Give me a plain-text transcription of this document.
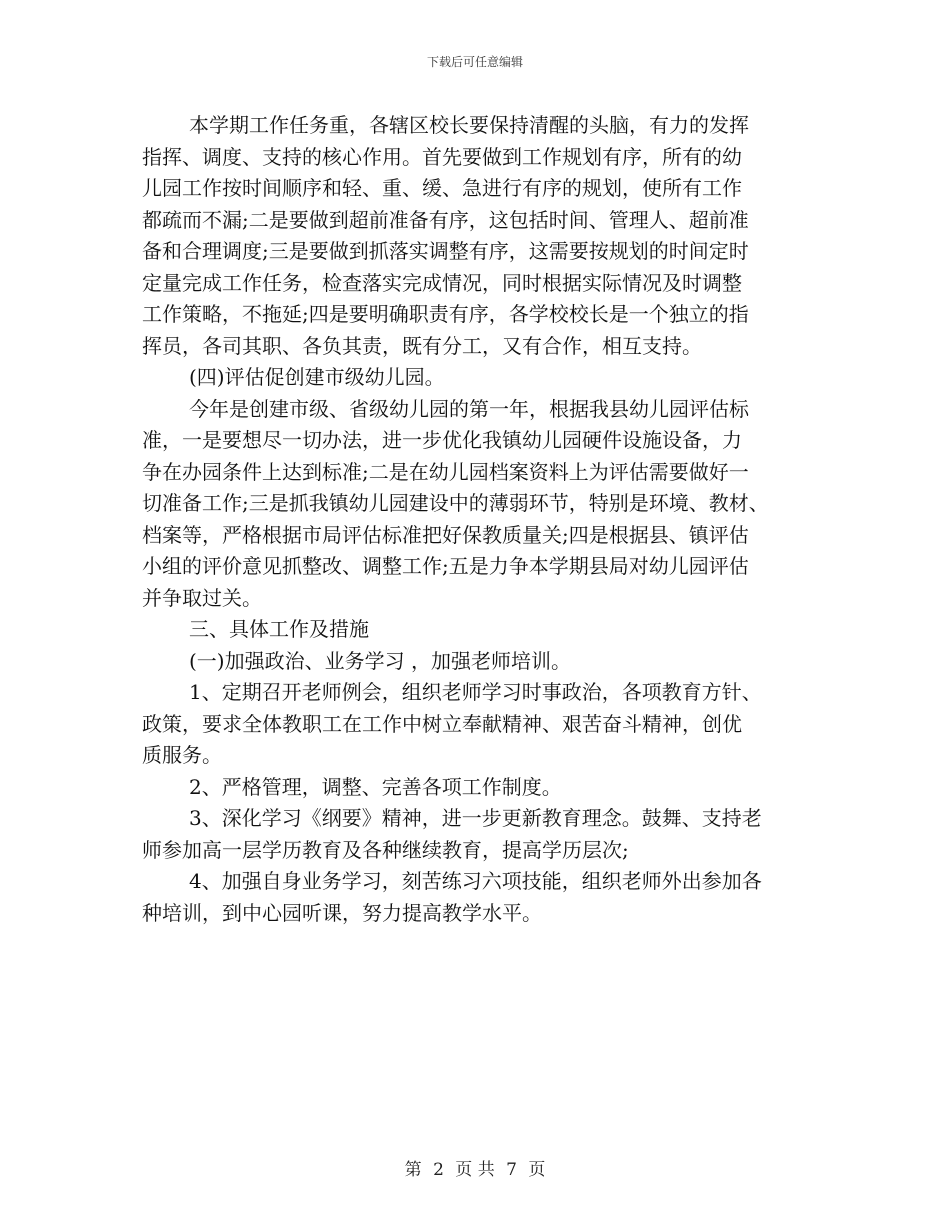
下载后可任意编辑
本学期工作任务重，各辖区校长要保持清醒的头脑，有力的发挥
指挥、调度、支持的核心作用。首先要做到工作规划有序，所有的幼
儿园工作按时间顺序和轻、重、缓、急进行有序的规划，使所有工作
都疏而不漏;二是要做到超前准备有序，这包括时间、管理人、超前准
备和合理调度;三是要做到抓落实调整有序，这需要按规划的时间定时
定量完成工作任务，检查落实完成情况，同时根据实际情况及时调整
工作策略，不拖延;四是要明确职责有序，各学校校长是一个独立的指
挥员，各司其职、各负其责，既有分工，又有合作，相互支持。
(四)评估促创建市级幼儿园。
今年是创建市级、省级幼儿园的第一年，根据我县幼儿园评估标
准，一是要想尽一切办法，进一步优化我镇幼儿园硬件设施设备，力
争在办园条件上达到标准;二是在幼儿园档案资料上为评估需要做好一
切准备工作;三是抓我镇幼儿园建设中的薄弱环节，特别是环境、教材、
档案等，严格根据市局评估标准把好保教质量关;四是根据县、镇评估
小组的评价意见抓整改、调整工作;五是力争本学期县局对幼儿园评估
并争取过关。
三、具体工作及措施
(一)加强政治、业务学习 ，加强老师培训。
1、定期召开老师例会，组织老师学习时事政治，各项教育方针、
政策，要求全体教职工在工作中树立奉献精神、艰苦奋斗精神，创优
质服务。
2、严格管理，调整、完善各项工作制度。
3、深化学习《纲要》精神，进一步更新教育理念。鼓舞、支持老
师参加高一层学历教育及各种继续教育，提高学历层次;
4、加强自身业务学习，刻苦练习六项技能，组织老师外出参加各
种培训，到中心园听课，努力提高教学水平。
第 2 页 共 7 页
